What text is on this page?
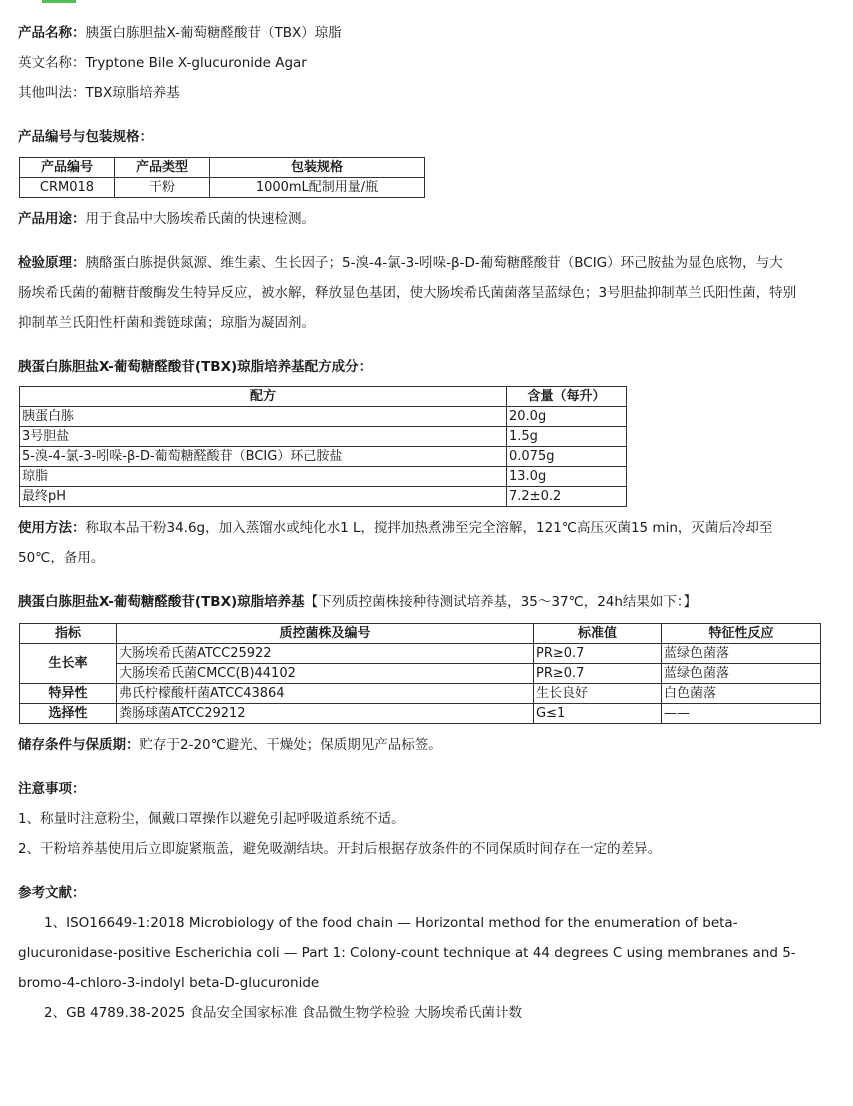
产品名称：胰蛋白胨胆盐X-葡萄糖醛酸苷（TBX）琼脂

英文名称：Tryptone Bile X-glucuronide Agar

其他叫法：TBX琼脂培养基

产品编号与包装规格：

产品编号	产品类型	包装规格
CRM018	干粉	1000mL配制用量/瓶

产品用途：用于食品中大肠埃希氏菌的快速检测。

检验原理：胰酪蛋白胨提供氮源、维生素、生长因子；5-溴-4-氯-3-吲哚-β-D-葡萄糖醛酸苷（BCIG）环己胺盐为显色底物，与大

肠埃希氏菌的葡糖苷酸酶发生特异反应，被水解，释放显色基团，使大肠埃希氏菌菌落呈蓝绿色；3号胆盐抑制革兰氏阳性菌，特别

抑制革兰氏阳性杆菌和粪链球菌；琼脂为凝固剂。

胰蛋白胨胆盐X-葡萄糖醛酸苷(TBX)琼脂培养基配方成分：

配方	含量（每升）
胰蛋白胨	20.0g
3号胆盐	1.5g
5-溴-4-氯-3-吲哚-β-D-葡萄糖醛酸苷（BCIG）环己胺盐	0.075g
琼脂	13.0g
最终pH	7.2±0.2

使用方法：称取本品干粉34.6g，加入蒸馏水或纯化水1 L，搅拌加热煮沸至完全溶解，121℃高压灭菌15 min，灭菌后冷却至

50℃，备用。

胰蛋白胨胆盐X-葡萄糖醛酸苷(TBX)琼脂培养基【下列质控菌株接种待测试培养基，35～37℃，24h结果如下：】

指标	质控菌株及编号	标准值	特征性反应
生长率	大肠埃希氏菌ATCC25922	PR≥0.7	蓝绿色菌落
	大肠埃希氏菌CMCC(B)44102	PR≥0.7	蓝绿色菌落
特异性	弗氏柠檬酸杆菌ATCC43864	生长良好	白色菌落
选择性	粪肠球菌ATCC29212	G≤1	——

储存条件与保质期：贮存于2-20℃避光、干燥处；保质期见产品标签。

注意事项：

1、称量时注意粉尘，佩戴口罩操作以避免引起呼吸道系统不适。

2、干粉培养基使用后立即旋紧瓶盖，避免吸潮结块。开封后根据存放条件的不同保质时间存在一定的差异。

参考文献：

1、ISO16649-1:2018 Microbiology of the food chain — Horizontal method for the enumeration of beta-

glucuronidase-positive Escherichia coli — Part 1: Colony-count technique at 44 degrees C using membranes and 5-

bromo-4-chloro-3-indolyl beta-D-glucuronide

2、GB 4789.38-2025 食品安全国家标准 食品微生物学检验 大肠埃希氏菌计数
